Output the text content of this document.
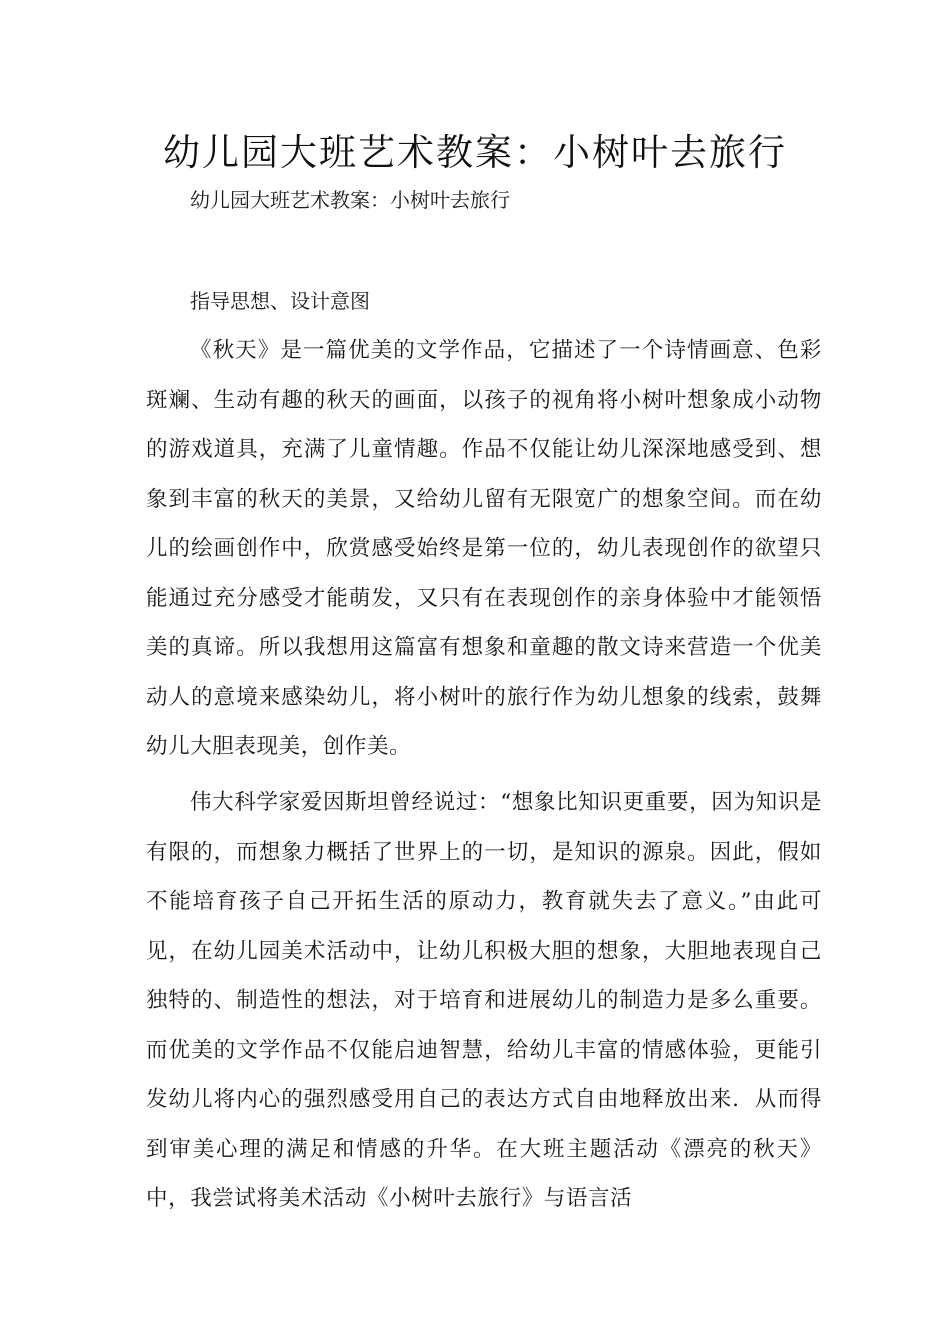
幼儿园大班艺术教案：小树叶去旅行

幼儿园大班艺术教案：小树叶去旅行

指导思想、设计意图

《秋天》是一篇优美的文学作品，它描述了一个诗情画意、色彩斑斓、生动有趣的秋天的画面，以孩子的视角将小树叶想象成小动物的游戏道具，充满了儿童情趣。作品不仅能让幼儿深深地感受到、想象到丰富的秋天的美景，又给幼儿留有无限宽广的想象空间。而在幼儿的绘画创作中，欣赏感受始终是第一位的，幼儿表现创作的欲望只能通过充分感受才能萌发，又只有在表现创作的亲身体验中才能领悟美的真谛。所以我想用这篇富有想象和童趣的散文诗来营造一个优美动人的意境来感染幼儿，将小树叶的旅行作为幼儿想象的线索，鼓舞幼儿大胆表现美，创作美。

伟大科学家爱因斯坦曾经说过：“想象比知识更重要，因为知识是有限的，而想象力概括了世界上的一切，是知识的源泉。因此，假如不能培育孩子自己开拓生活的原动力，教育就失去了意义。”由此可见，在幼儿园美术活动中，让幼儿积极大胆的想象，大胆地表现自己独特的、制造性的想法，对于培育和进展幼儿的制造力是多么重要。而优美的文学作品不仅能启迪智慧，给幼儿丰富的情感体验，更能引发幼儿将内心的强烈感受用自己的表达方式自由地释放出来．从而得到审美心理的满足和情感的升华。在大班主题活动《漂亮的秋天》中，我尝试将美术活动《小树叶去旅行》与语言活
